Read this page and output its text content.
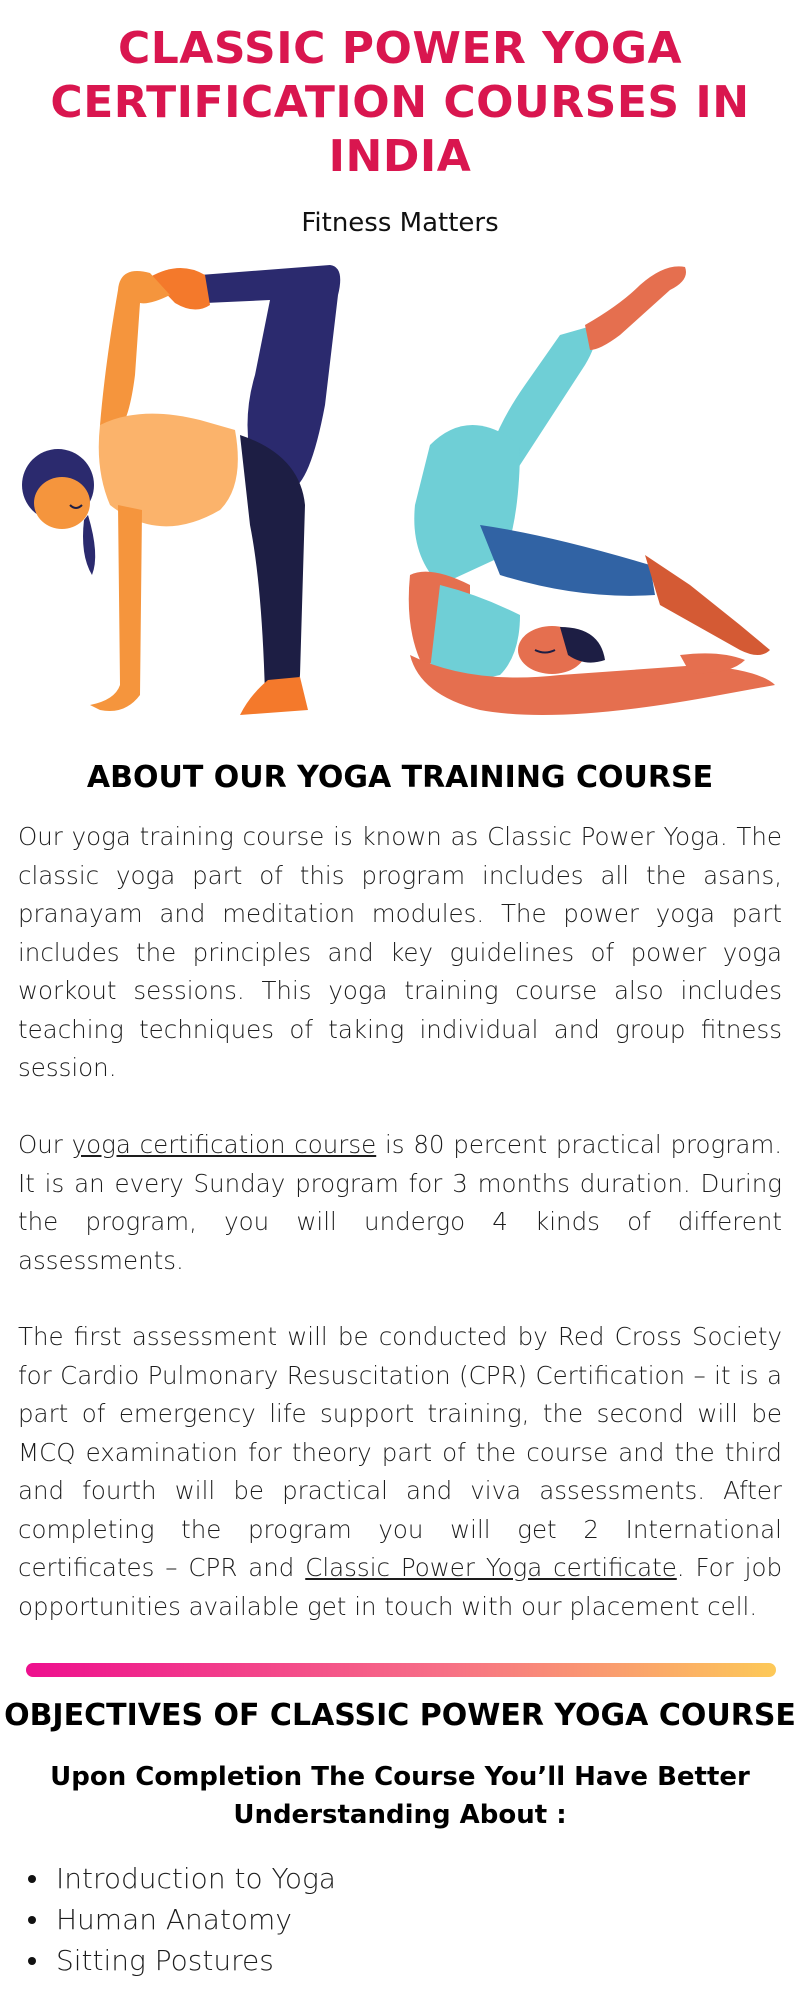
CLASSIC POWER YOGA
CERTIFICATION COURSES IN
INDIA

Fitness Matters

ABOUT OUR YOGA TRAINING COURSE

Our yoga training course is known as Classic Power Yoga. The classic yoga part of this program includes all the asans, pranayam and meditation modules. The power yoga part includes the principles and key guidelines of power yoga workout sessions. This yoga training course also includes teaching techniques of taking individual and group fitness session.

Our yoga certification course is 80 percent practical program. It is an every Sunday program for 3 months duration. During the program, you will undergo 4 kinds of different assessments.

The first assessment will be conducted by Red Cross Society for Cardio Pulmonary Resuscitation (CPR) Certification – it is a part of emergency life support training, the second will be MCQ examination for theory part of the course and the third and fourth will be practical and viva assessments. After completing the program you will get 2 International certificates – CPR and Classic Power Yoga certificate. For job opportunities available get in touch with our placement cell.

OBJECTIVES OF CLASSIC POWER YOGA COURSE

Upon Completion The Course You’ll Have Better Understanding About :

Introduction to Yoga
Human Anatomy
Sitting Postures
